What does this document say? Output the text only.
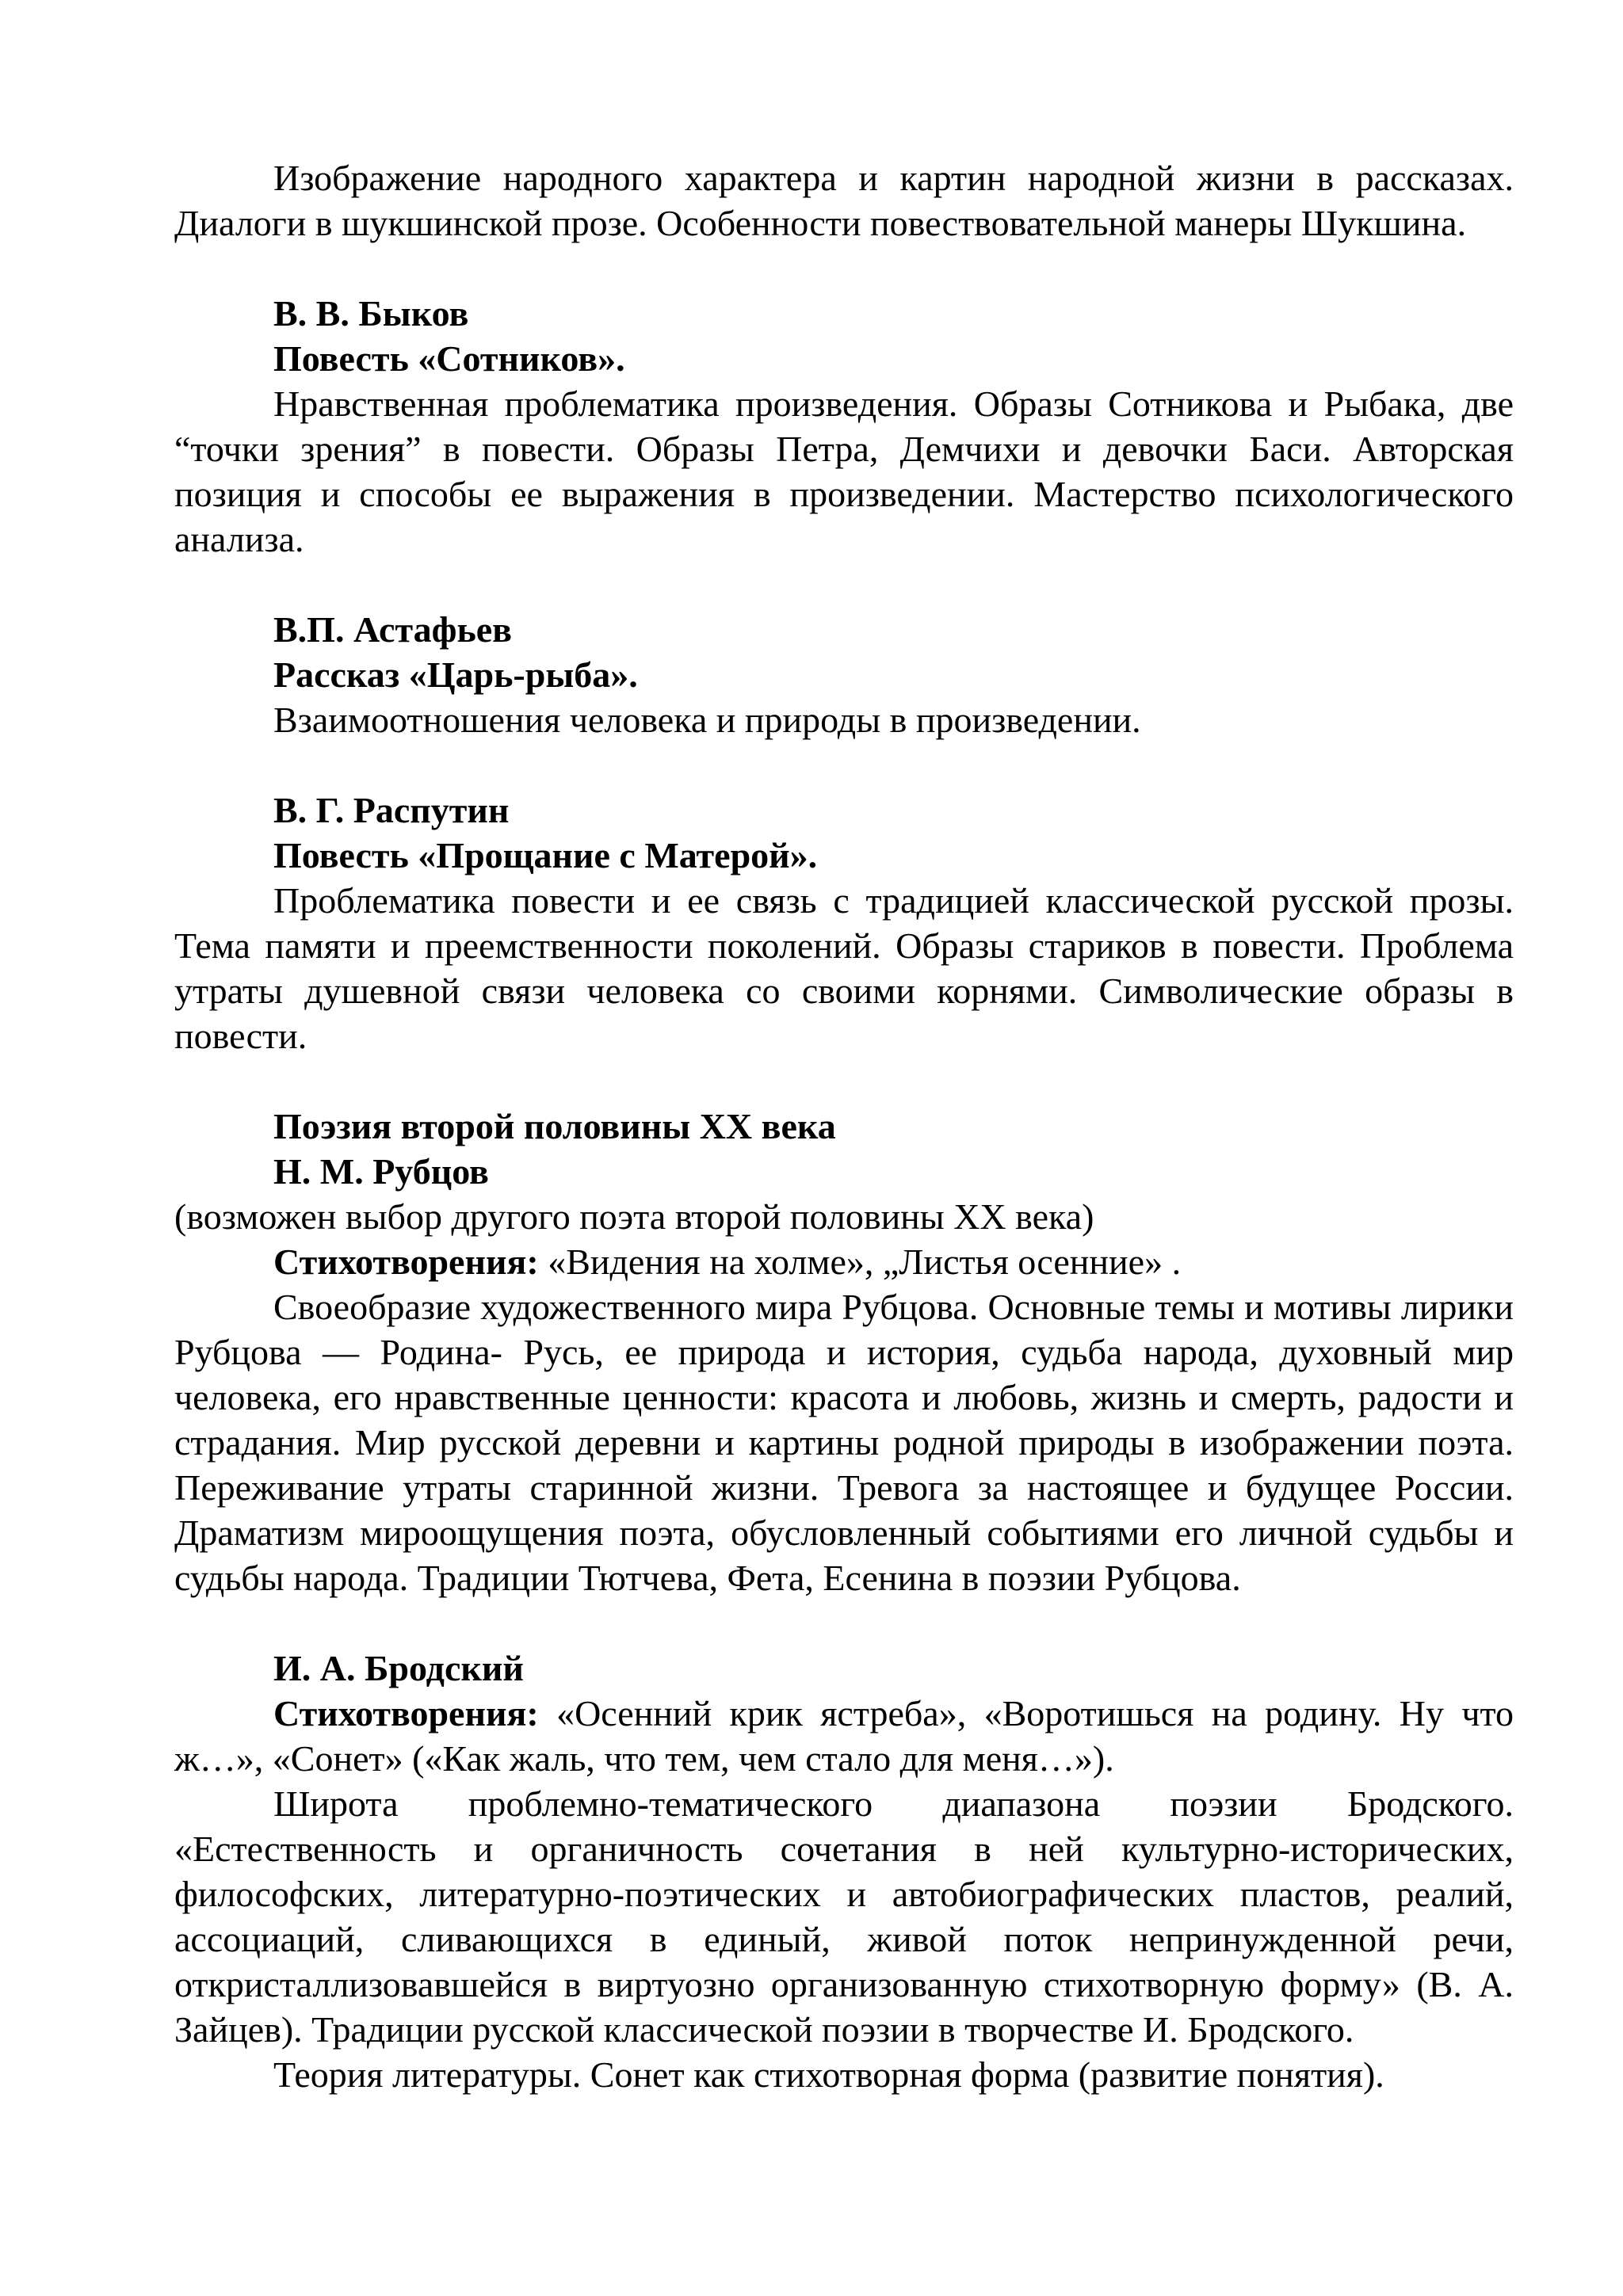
Изображение народного характера и картин народной жизни в рассказах. Диалоги в шукшинской прозе. Особенности повествовательной манеры Шукшина.

В. В. Быков

Повесть «Сотников».

Нравственная проблематика произведения. Образы Сотникова и Рыбака, две “точки зрения” в повести. Образы Петра, Демчихи и девочки Баси. Авторская позиция и способы ее выражения в произведении. Мастерство психологического анализа.

В.П. Астафьев

Рассказ «Царь-рыба».

Взаимоотношения человека и природы в произведении.

В. Г. Распутин

Повесть «Прощание с Матерой».

Проблематика повести и ее связь с традицией классической русской прозы. Тема памяти и преемственности поколений. Образы стариков в повести. Проблема утраты душевной связи человека со своими корнями. Символические образы в повести.

Поэзия второй половины XX века

Н. М. Рубцов

(возможен выбор другого поэта второй половины XX века)

Стихотворения: «Видения на холме», „Листья осенние» .

Своеобразие художественного мира Рубцова. Основные темы и мотивы лирики Рубцова — Родина- Русь, ее природа и история, судьба народа, духовный мир человека, его нравственные ценности: красота и любовь, жизнь и смерть, радости и страдания. Мир русской деревни и картины родной природы в изображении поэта. Переживание утраты старинной жизни. Тревога за настоящее и будущее России. Драматизм мироощущения поэта, обусловленный событиями его личной судьбы и судьбы народа. Традиции Тютчева, Фета, Есенина в поэзии Рубцова.

И. А. Бродский

Стихотворения: «Осенний крик ястреба», «Воротишься на родину. Ну что ж…», «Сонет» («Как жаль, что тем, чем стало для меня…»).

Широта проблемно-тематического диапазона поэзии Бродского. «Естественность и органичность сочетания в ней культурно-исторических, философских, литературно-поэтических и автобиографических пластов, реалий, ассоциаций, сливающихся в единый, живой поток непринужденной речи, откристаллизовавшейся в виртуозно организованную стихотворную форму» (В. А. Зайцев). Традиции русской классической поэзии в творчестве И. Бродского.

Теория литературы. Сонет как стихотворная форма (развитие понятия).
